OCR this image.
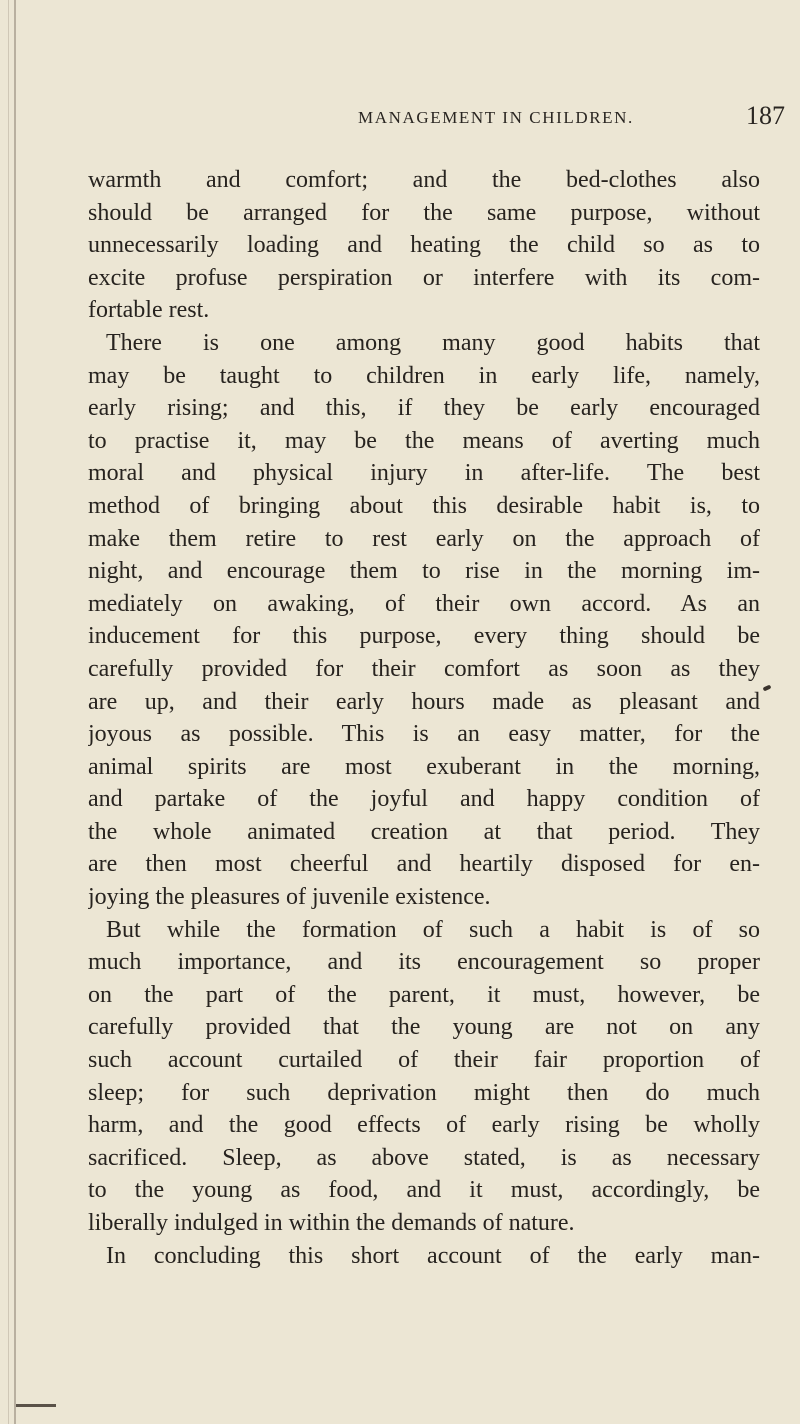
MANAGEMENT IN CHILDREN.	187
warmth and comfort; and the bed-clothes also
should be arranged for the same purpose, without
unnecessarily loading and heating the child so as to
excite profuse perspiration or interfere with its com-
fortable rest.
There is one among many good habits that
may be taught to children in early life, namely,
early rising; and this, if they be early encouraged
to practise it, may be the means of averting much
moral and physical injury in after-life. The best
method of bringing about this desirable habit is, to
make them retire to rest early on the approach of
night, and encourage them to rise in the morning im-
mediately on awaking, of their own accord. As an
inducement for this purpose, every thing should be
carefully provided for their comfort as soon as they
are up, and their early hours made as pleasant and
joyous as possible. This is an easy matter, for the
animal spirits are most exuberant in the morning,
and partake of the joyful and happy condition of
the whole animated creation at that period. They
are then most cheerful and heartily disposed for en-
joying the pleasures of juvenile existence.
But while the formation of such a habit is of so
much importance, and its encouragement so proper
on the part of the parent, it must, however, be
carefully provided that the young are not on any
such account curtailed of their fair proportion of
sleep; for such deprivation might then do much
harm, and the good effects of early rising be wholly
sacrificed. Sleep, as above stated, is as necessary
to the young as food, and it must, accordingly, be
liberally indulged in within the demands of nature.
In concluding this short account of the early man-
